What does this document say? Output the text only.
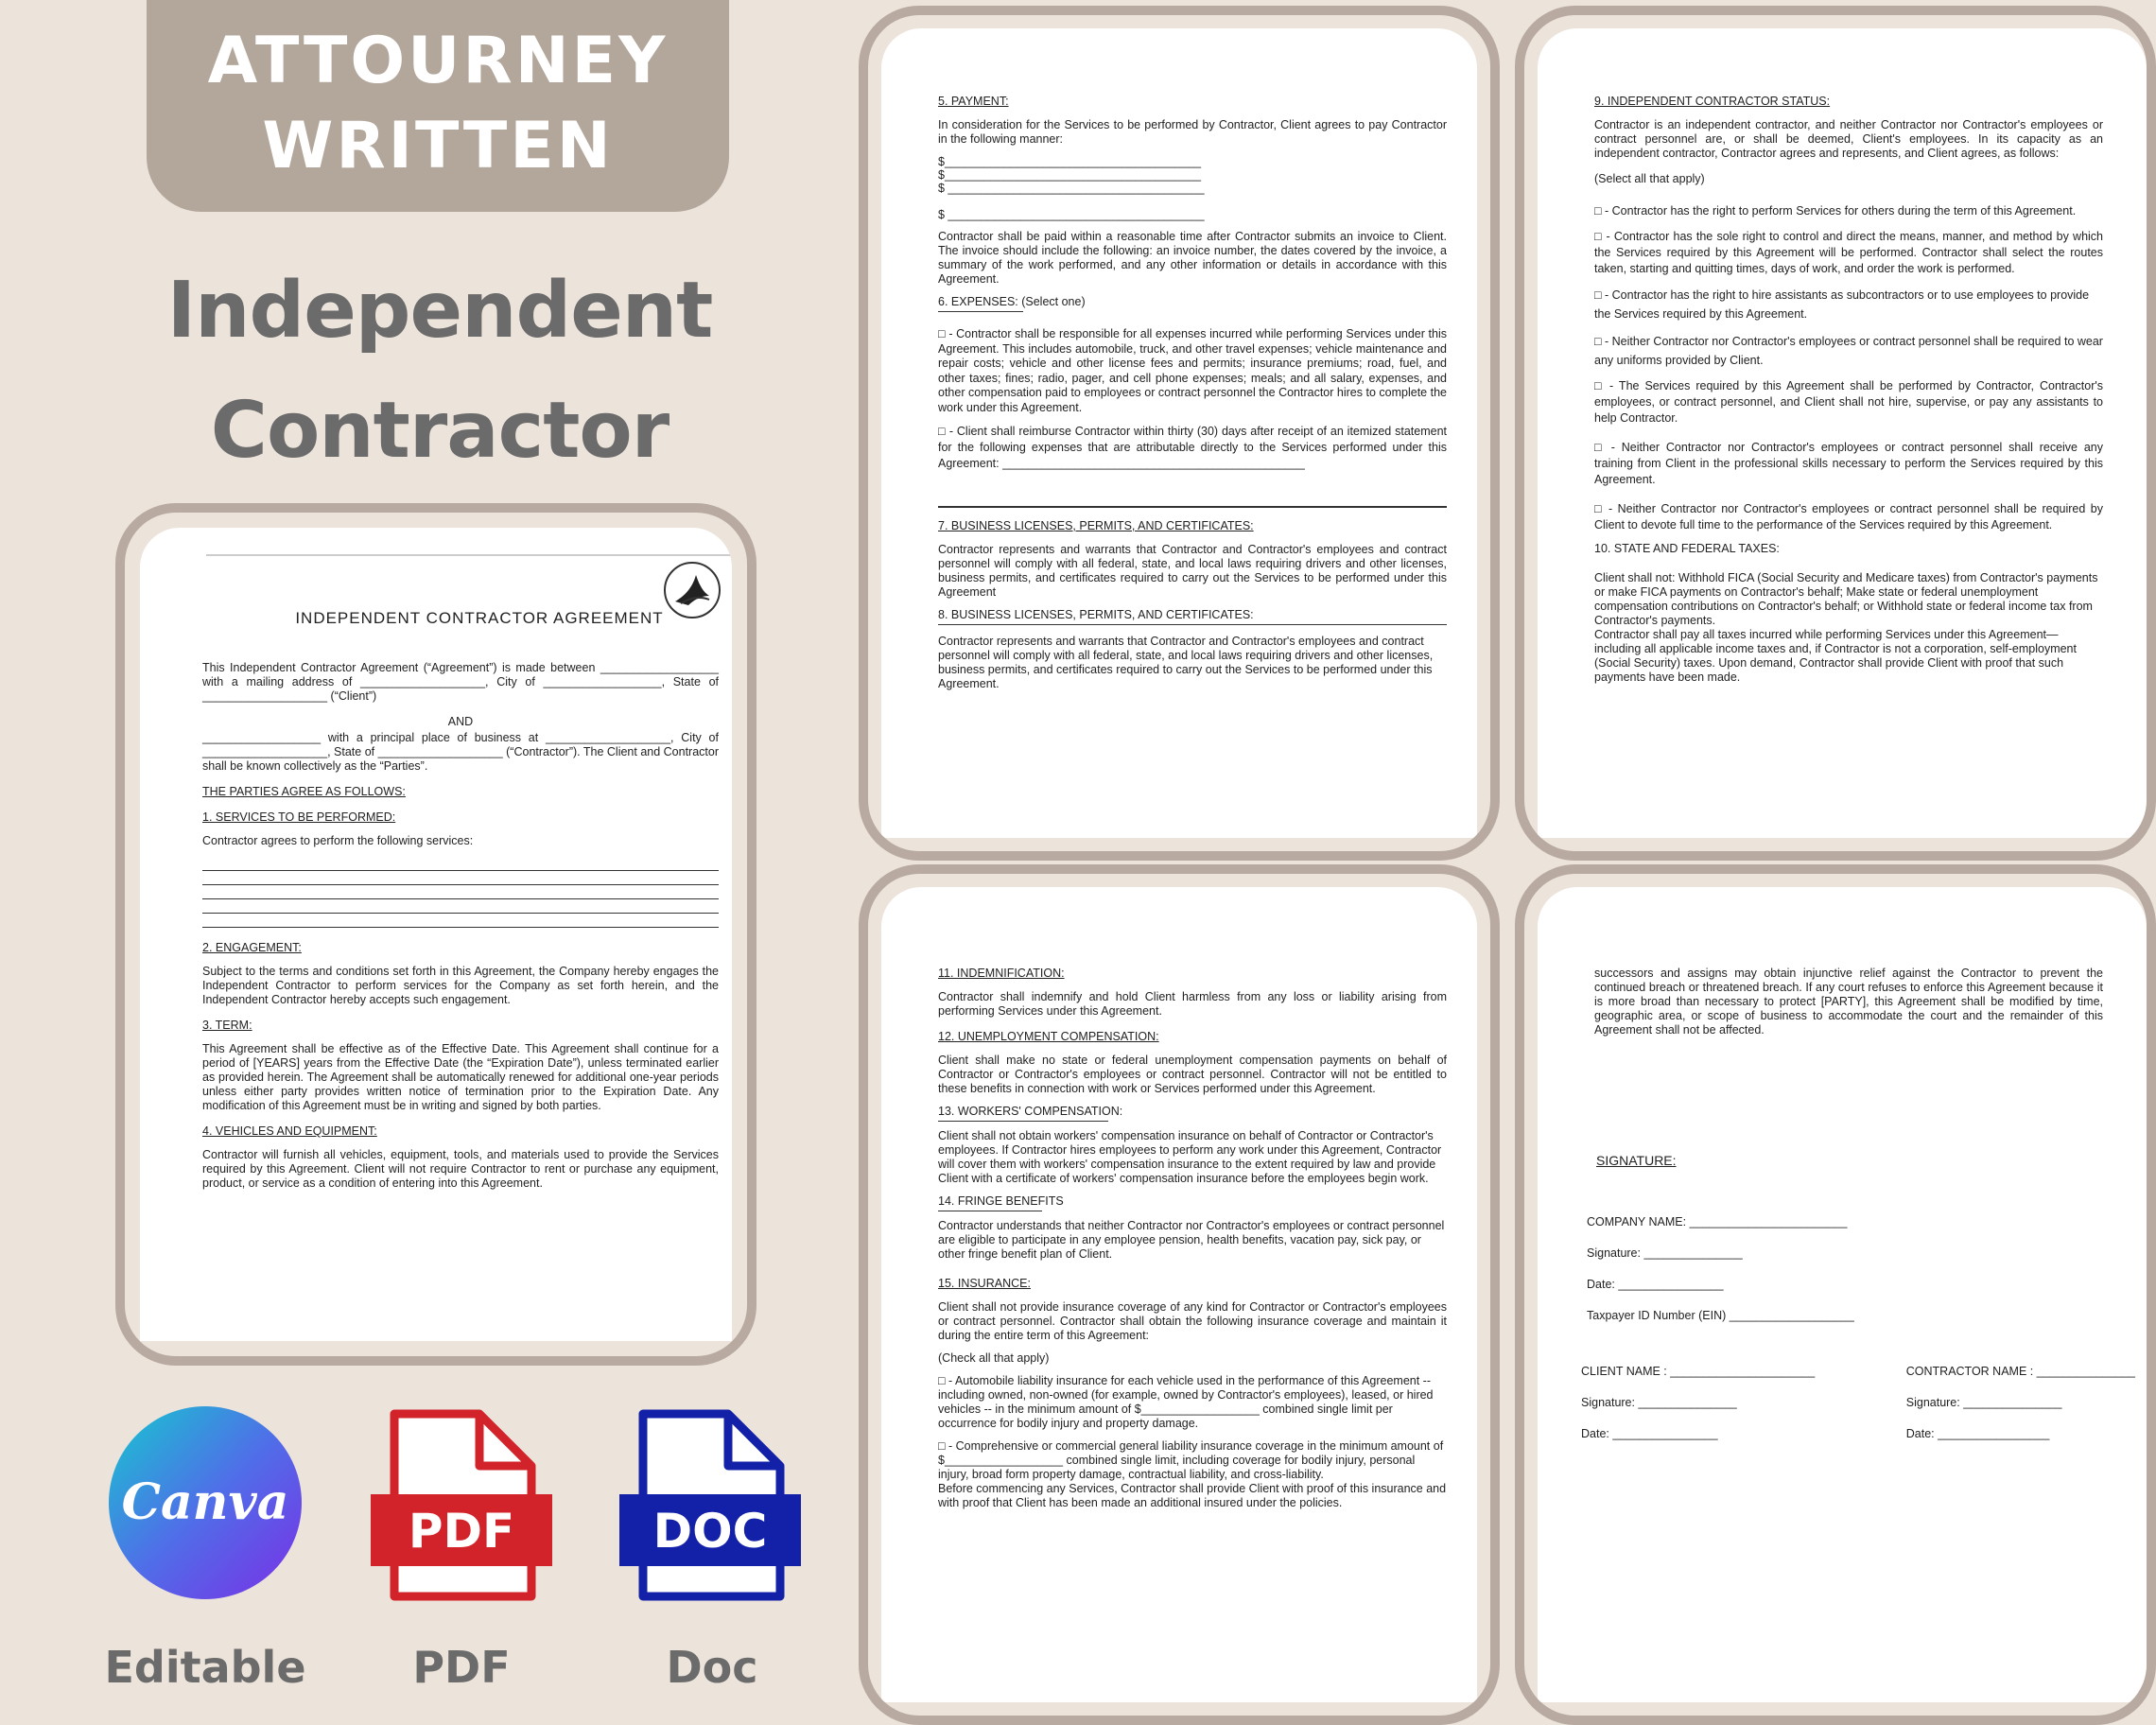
ATTOURNEY
WRITTEN
Independent Contractor
INDEPENDENT CONTRACTOR AGREEMENT

This Independent Contractor Agreement (“Agreement”) is made between __________________ with a mailing address of ___________________, City of __________________, State of ___________________ (“Client”)

AND

__________________ with a principal place of business at ___________________, City of ___________________, State of ___________________ (“Contractor”). The Client and Contractor shall be known collectively as the “Parties”.

THE PARTIES AGREE AS FOLLOWS:
1. SERVICES TO BE PERFORMED:

Contractor agrees to perform the following services:

2. ENGAGEMENT:

Subject to the terms and conditions set forth in this Agreement, the Company hereby engages the Independent Contractor to perform services for the Company as set forth herein, and the Independent Contractor hereby accepts such engagement.

3. TERM:

This Agreement shall be effective as of the Effective Date. This Agreement shall continue for a period of [YEARS] years from the Effective Date (the “Expiration Date”), unless terminated earlier as provided herein. The Agreement shall be automatically renewed for additional one-year periods unless either party provides written notice of termination prior to the Expiration Date. Any modification of this Agreement must be in writing and signed by both parties.

4. VEHICLES AND EQUIPMENT:

Contractor will furnish all vehicles, equipment, tools, and materials used to provide the Services required by this Agreement. Client will not require Contractor to rent or purchase any equipment, product, or service as a condition of entering into this Agreement.

5. PAYMENT:

In consideration for the Services to be performed by Contractor, Client agrees to pay Contractor in the following manner:

$_______________________________________
$_______________________________________
$ _______________________________________

$ _______________________________________

Contractor shall be paid within a reasonable time after Contractor submits an invoice to Client. The invoice should include the following: an invoice number, the dates covered by the invoice, a summary of the work performed, and any other information or details in accordance with this Agreement.

6. EXPENSES: (Select one)

□ - Contractor shall be responsible for all expenses incurred while performing Services under this Agreement. This includes automobile, truck, and other travel expenses; vehicle maintenance and repair costs; vehicle and other license fees and permits; insurance premiums; road, fuel, and other taxes; fines; radio, pager, and cell phone expenses; meals; and all salary, expenses, and other compensation paid to employees or contract personnel the Contractor hires to complete the work under this Agreement.

□ - Client shall reimburse Contractor within thirty (30) days after receipt of an itemized statement for the following expenses that are attributable directly to the Services performed under this Agreement: ______________________________________________

7. BUSINESS LICENSES, PERMITS, AND CERTIFICATES:

Contractor represents and warrants that Contractor and Contractor's employees and contract personnel will comply with all federal, state, and local laws requiring drivers and other licenses, business permits, and certificates required to carry out the Services to be performed under this Agreement

8. BUSINESS LICENSES, PERMITS, AND CERTIFICATES:

Contractor represents and warrants that Contractor and Contractor's employees and contract personnel will comply with all federal, state, and local laws requiring drivers and other licenses, business permits, and certificates required to carry out the Services to be performed under this Agreement.

9. INDEPENDENT CONTRACTOR STATUS:

Contractor is an independent contractor, and neither Contractor nor Contractor's employees or contract personnel are, or shall be deemed, Client's employees. In its capacity as an independent contractor, Contractor agrees and represents, and Client agrees, as follows:

(Select all that apply)

□ - Contractor has the right to perform Services for others during the term of this Agreement.

□ - Contractor has the sole right to control and direct the means, manner, and method by which the Services required by this Agreement will be performed. Contractor shall select the routes taken, starting and quitting times, days of work, and order the work is performed.

□ - Contractor has the right to hire assistants as subcontractors or to use employees to provide the Services required by this Agreement.

□ - Neither Contractor nor Contractor's employees or contract personnel shall be required to wear any uniforms provided by Client.

□ - The Services required by this Agreement shall be performed by Contractor, Contractor's employees, or contract personnel, and Client shall not hire, supervise, or pay any assistants to help Contractor.

□ - Neither Contractor nor Contractor's employees or contract personnel shall receive any training from Client in the professional skills necessary to perform the Services required by this Agreement.

□ - Neither Contractor nor Contractor's employees or contract personnel shall be required by Client to devote full time to the performance of the Services required by this Agreement.

10. STATE AND FEDERAL TAXES:

Client shall not: Withhold FICA (Social Security and Medicare taxes) from Contractor's payments or make FICA payments on Contractor's behalf; Make state or federal unemployment compensation contributions on Contractor's behalf; or Withhold state or federal income tax from Contractor's payments.
Contractor shall pay all taxes incurred while performing Services under this Agreement—including all applicable income taxes and, if Contractor is not a corporation, self-employment (Social Security) taxes. Upon demand, Contractor shall provide Client with proof that such payments have been made.

11. INDEMNIFICATION:

Contractor shall indemnify and hold Client harmless from any loss or liability arising from performing Services under this Agreement.

12. UNEMPLOYMENT COMPENSATION:

Client shall make no state or federal unemployment compensation payments on behalf of Contractor or Contractor's employees or contract personnel. Contractor will not be entitled to these benefits in connection with work or Services performed under this Agreement.

13. WORKERS' COMPENSATION:

Client shall not obtain workers' compensation insurance on behalf of Contractor or Contractor's employees. If Contractor hires employees to perform any work under this Agreement, Contractor will cover them with workers' compensation insurance to the extent required by law and provide Client with a certificate of workers' compensation insurance before the employees begin work.

14. FRINGE BENEFITS

Contractor understands that neither Contractor nor Contractor's employees or contract personnel are eligible to participate in any employee pension, health benefits, vacation pay, sick pay, or other fringe benefit plan of Client.

15. INSURANCE:

Client shall not provide insurance coverage of any kind for Contractor or Contractor's employees or contract personnel. Contractor shall obtain the following insurance coverage and maintain it during the entire term of this Agreement:

(Check all that apply)

□ - Automobile liability insurance for each vehicle used in the performance of this Agreement -- including owned, non-owned (for example, owned by Contractor's employees), leased, or hired vehicles -- in the minimum amount of $__________________ combined single limit per occurrence for bodily injury and property damage.

□ - Comprehensive or commercial general liability insurance coverage in the minimum amount of $__________________ combined single limit, including coverage for bodily injury, personal injury, broad form property damage, contractual liability, and cross-liability.
Before commencing any Services, Contractor shall provide Client with proof of this insurance and with proof that Client has been made an additional insured under the policies.

successors and assigns may obtain injunctive relief against the Contractor to prevent the continued breach or threatened breach. If any court refuses to enforce this Agreement because it is more broad than necessary to protect [PARTY], this Agreement shall be modified by time, geographic area, or scope of business to accommodate the court and the remainder of this Agreement shall not be affected.

SIGNATURE:
COMPANY NAME: ________________________
Signature: _______________
Date: ________________
Taxpayer ID Number (EIN) ___________________
CLIENT NAME : ______________________
Signature: _______________
Date: ________________
CONTRACTOR NAME : _______________
Signature: _______________
Date: _________________
Canva	PDF	DOC
Editable	PDF	Doc
